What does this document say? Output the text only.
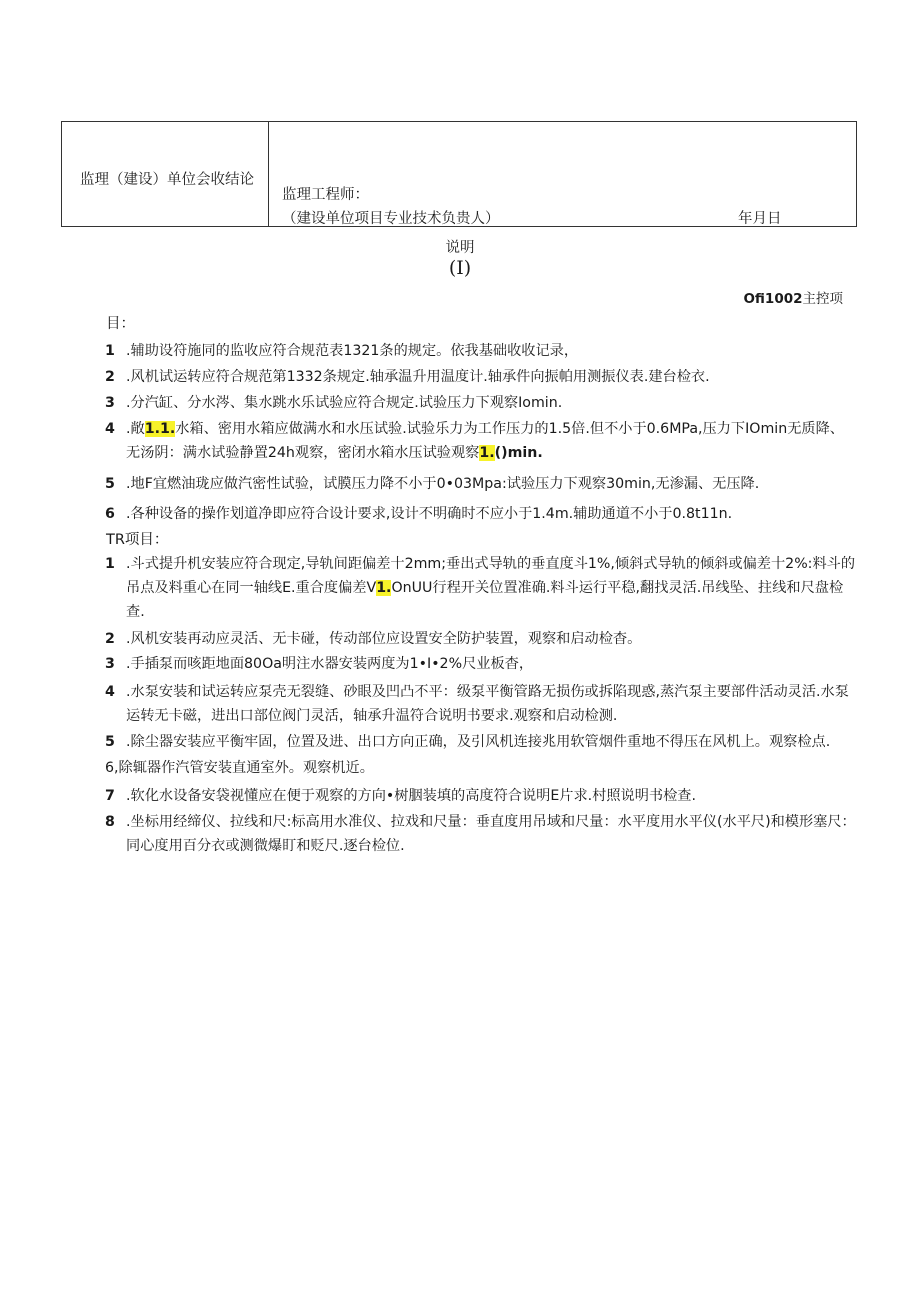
监理（建设）单位会收结论
监理工程师：
（建设单位项目专业技术负贵人）	年月日
说明
(I)
Ofi1002主控项
目：
1 .辅助设符施同的监收应符合规范表1321条的规定。依我基础收收记录，
2 .风机试运转应符合规范第1332条规定.轴承温升用温度计.轴承件向振帕用测振仪表.建台检衣.
3 .分汽缸、分水涔、集水跳水乐试验应符合规定.试验压力下观察Iomin.
4 .敞1.1.水箱、密用水箱应做满水和水压试验.试验乐力为工作压力的1.5倍.但不小于0.6MPa,压力下IOmin无质降、无汤阴：满水试验静置24h观察，密闭水箱水压试验观察1.()min.
5 .地F宜燃油珑应做汽密性试验，试膜压力降不小于0•03Mpa:试验压力下观察30min,无渗漏、无压降.
6 .各种设备的操作划道净即应符合设计要求,设计不明确时不应小于1.4m.辅助通道不小于0.8t11n.
TR项目：
1 .斗式提升机安装应符合现定,导轨间距偏差十2mm;垂出式导轨的垂直度斗1%,倾斜式导轨的倾斜或偏差十2%:料斗的吊点及料重心在同一轴线E.重合度偏差V1.OnUU行程开关位置准确.料斗运行平稳,翻找灵活.吊线坠、拄线和尺盘检查.
2 .风机安装再动应灵活、无卡碰，传动部位应设置安全防护装置，观察和启动检杳。
3 .手插泵而咳距地面80Oa明注水器安装两度为1•I•2%尺业板杳，
4 .水泵安装和试运转应泵壳无裂缝、砂眼及凹凸不平：级泵平衡管路无损伤或拆陷现惑,蒸汽泵主要部件活动灵活.水泵运转无卡磁，进出口部位阀门灵活，轴承升温符合说明书要求.观察和启动检测.
5 .除尘器安装应平衡牢固，位置及进、出口方向正确，及引风机连接兆用软管烟件重地不得压在风机上。观察检点.
6,除辄器作汽管安装直通室外。观察机近。
7 .软化水设备安袋视懂应在便于观察的方向•树胭装填的高度符合说明E片求.村照说明书检查.
8 .坐标用经缔仪、拉线和尺:标高用水准仪、拉戏和尺量：垂直度用吊域和尺量：水平度用水平仪(水平尺)和模形塞尺：同心度用百分衣或测微爆盯和贬尺.逐台检位.
